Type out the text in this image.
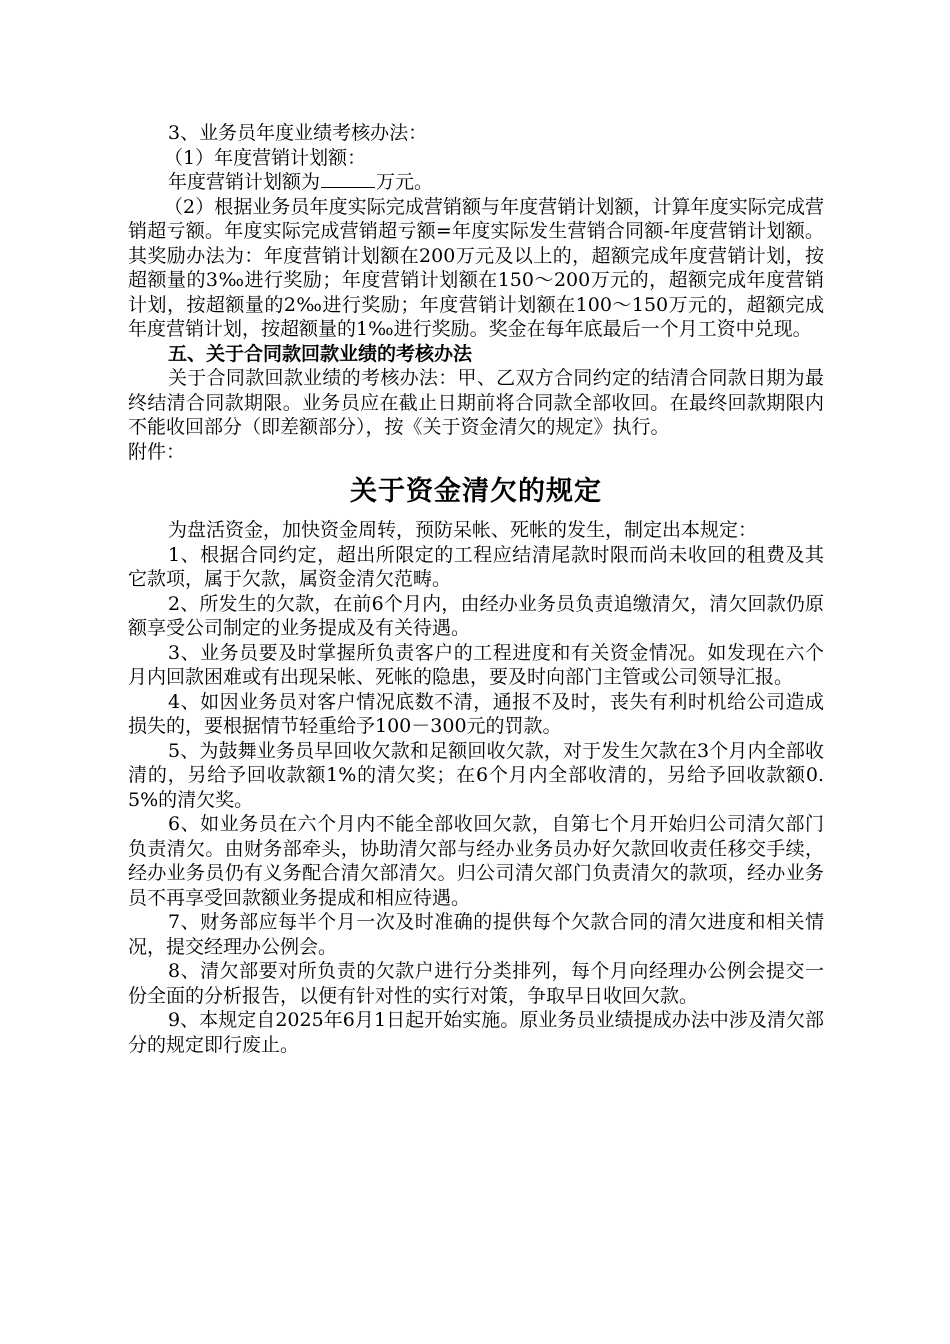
3、业务员年度业绩考核办法：

（1）年度营销计划额：

年度营销计划额为	万元。

（2）根据业务员年度实际完成营销额与年度营销计划额，计算年度实际完成营销超亏额。年度实际完成营销超亏额=年度实际发生营销合同额-年度营销计划额。其奖励办法为：年度营销计划额在200万元及以上的，超额完成年度营销计划，按超额量的3‰进行奖励；年度营销计划额在150～200万元的，超额完成年度营销计划，按超额量的2‰进行奖励；年度营销计划额在100～150万元的，超额完成年度营销计划，按超额量的1‰进行奖励。奖金在每年底最后一个月工资中兑现。

五、关于合同款回款业绩的考核办法

关于合同款回款业绩的考核办法：甲、乙双方合同约定的结清合同款日期为最终结清合同款期限。业务员应在截止日期前将合同款全部收回。在最终回款期限内不能收回部分（即差额部分），按《关于资金清欠的规定》执行。

附件：

关于资金清欠的规定

为盘活资金，加快资金周转，预防呆帐、死帐的发生，制定出本规定：

1、根据合同约定，超出所限定的工程应结清尾款时限而尚未收回的租费及其它款项，属于欠款，属资金清欠范畴。

2、所发生的欠款，在前6个月内，由经办业务员负责追缴清欠，清欠回款仍原额享受公司制定的业务提成及有关待遇。

3、业务员要及时掌握所负责客户的工程进度和有关资金情况。如发现在六个月内回款困难或有出现呆帐、死帐的隐患，要及时向部门主管或公司领导汇报。

4、如因业务员对客户情况底数不清，通报不及时，丧失有利时机给公司造成损失的，要根据情节轻重给予100－300元的罚款。

5、为鼓舞业务员早回收欠款和足额回收欠款，对于发生欠款在3个月内全部收清的，另给予回收款额1%的清欠奖；在6个月内全部收清的，另给予回收款额0.5%的清欠奖。

6、如业务员在六个月内不能全部收回欠款，自第七个月开始归公司清欠部门负责清欠。由财务部牵头，协助清欠部与经办业务员办好欠款回收责任移交手续，经办业务员仍有义务配合清欠部清欠。归公司清欠部门负责清欠的款项，经办业务员不再享受回款额业务提成和相应待遇。

7、财务部应每半个月一次及时准确的提供每个欠款合同的清欠进度和相关情况，提交经理办公例会。

8、清欠部要对所负责的欠款户进行分类排列，每个月向经理办公例会提交一份全面的分析报告，以便有针对性的实行对策，争取早日收回欠款。

9、本规定自2025年6月1日起开始实施。原业务员业绩提成办法中涉及清欠部分的规定即行废止。
